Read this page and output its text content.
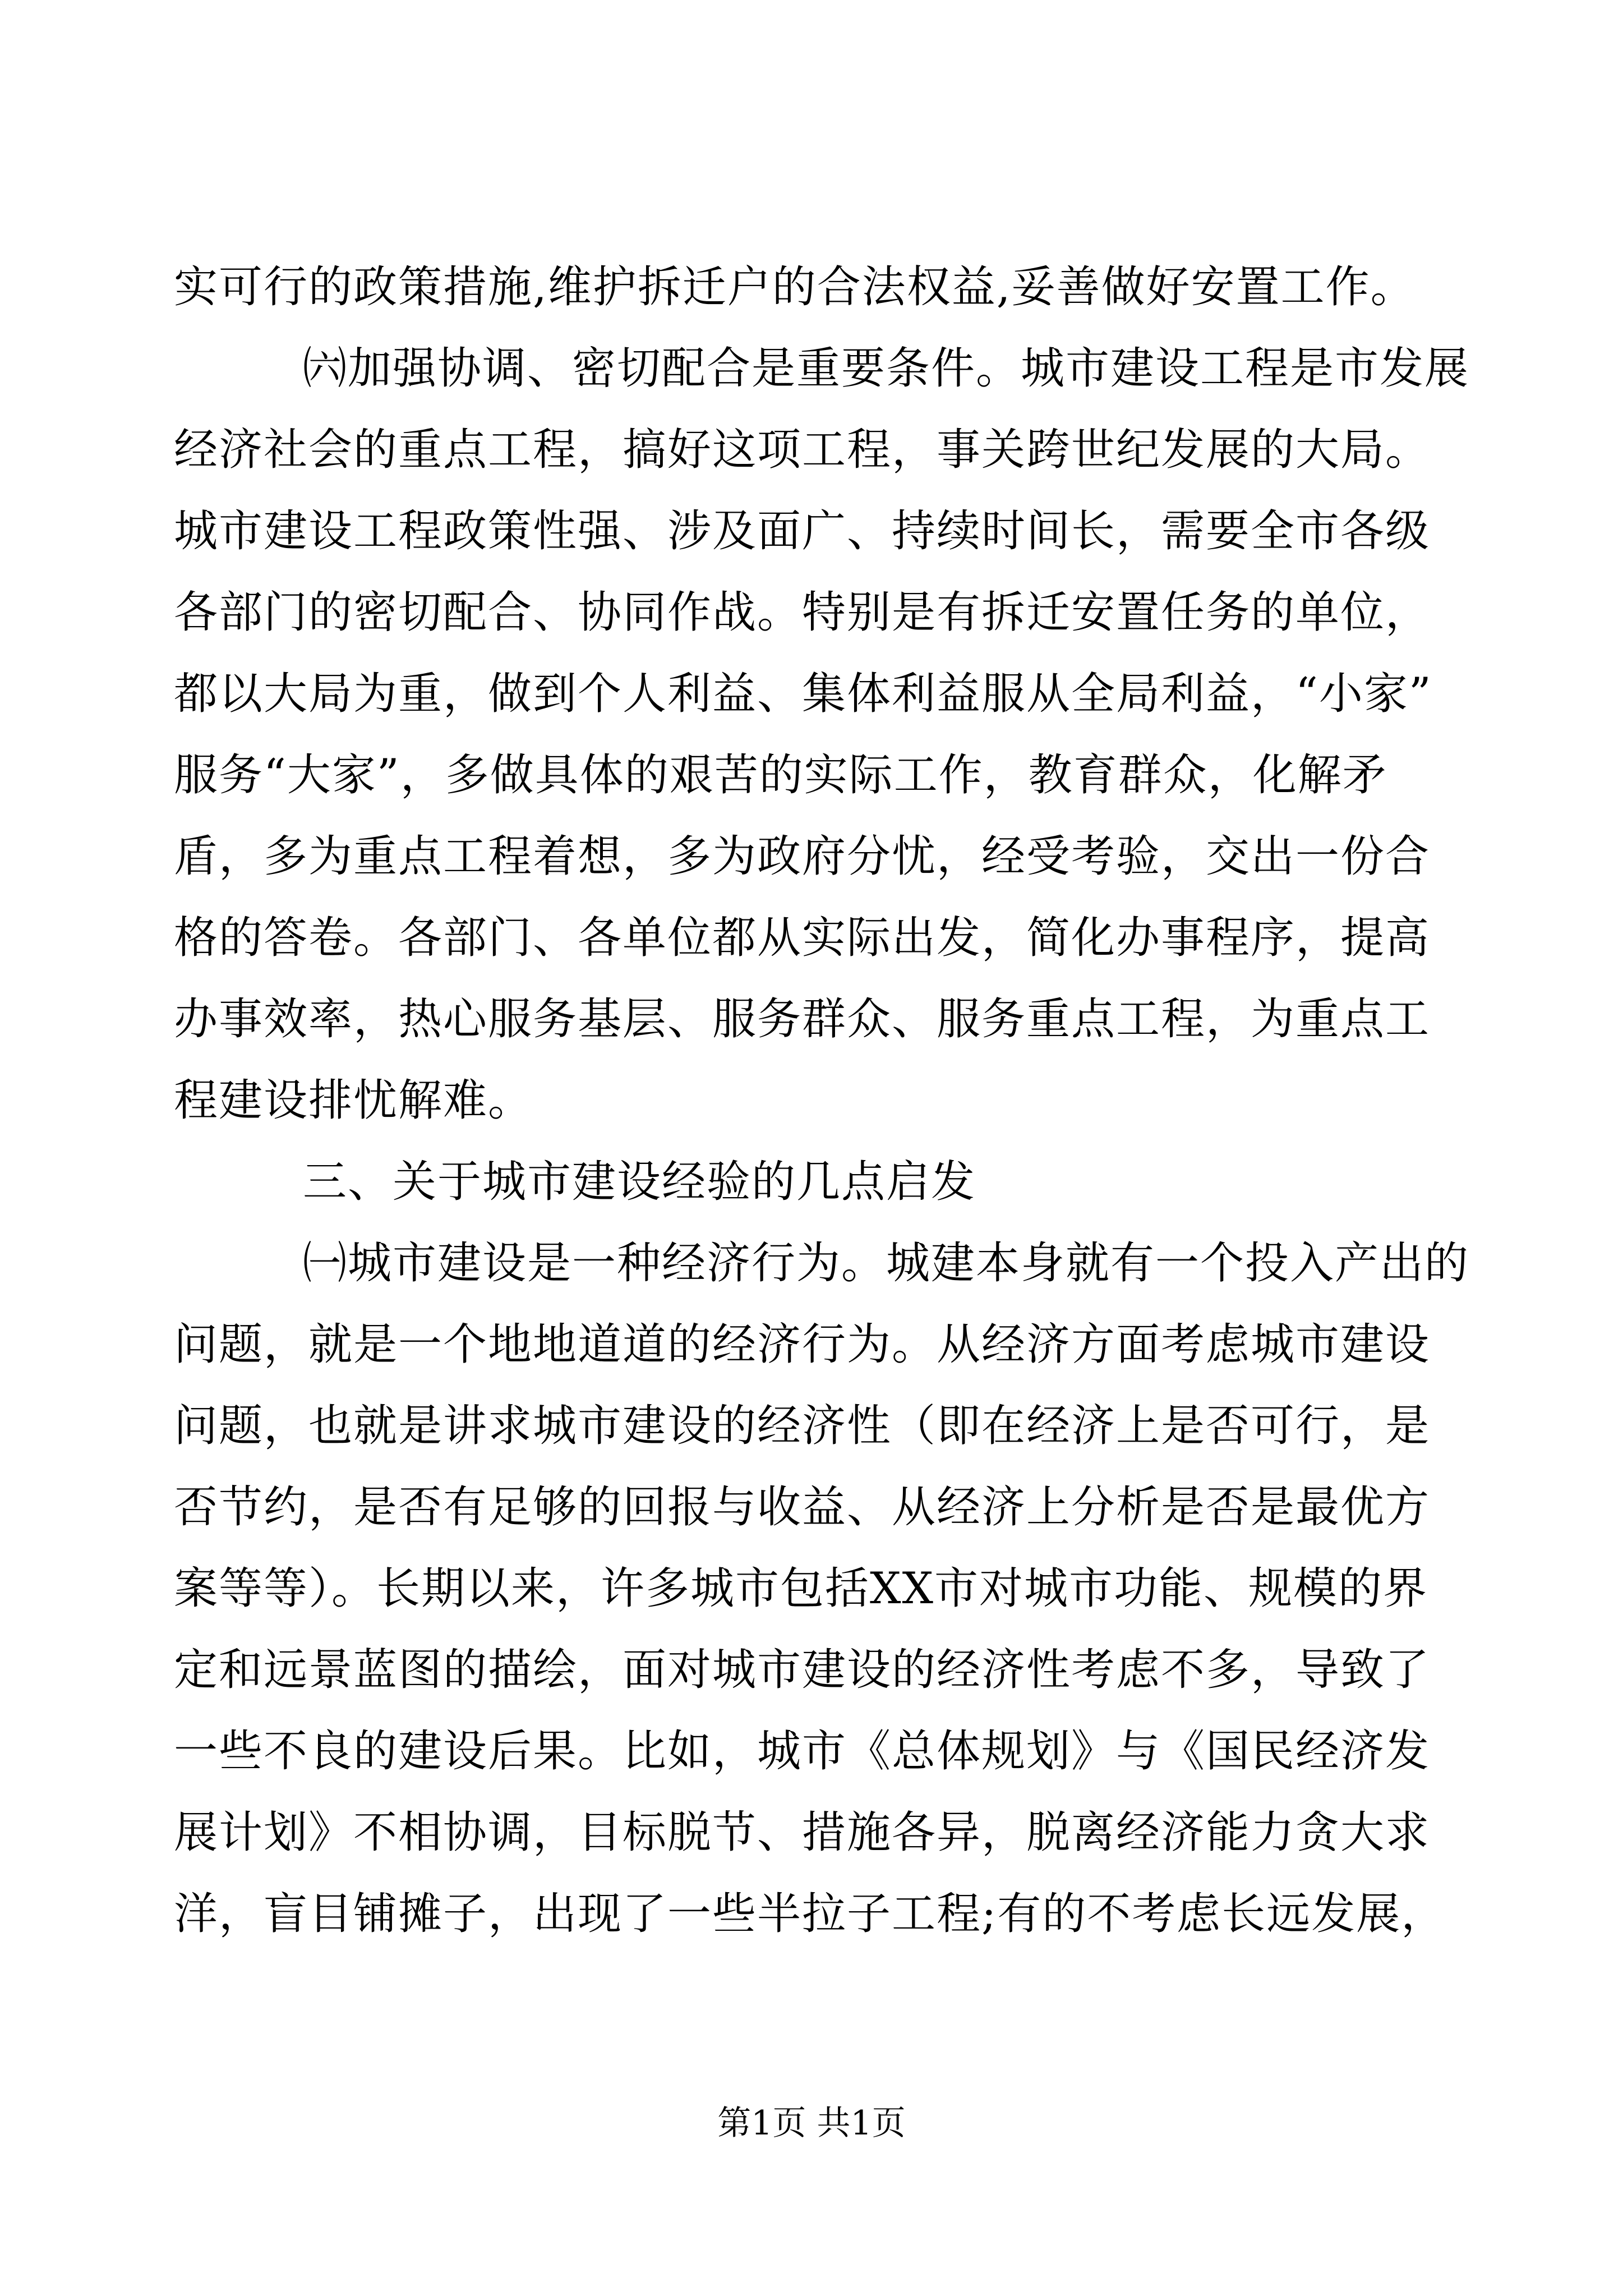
实可行的政策措施,维护拆迁户的合法权益,妥善做好安置工作。
㈥加强协调、密切配合是重要条件。城市建设工程是市发展
经济社会的重点工程，搞好这项工程，事关跨世纪发展的大局。
城市建设工程政策性强、涉及面广、持续时间长，需要全市各级
各部门的密切配合、协同作战。特别是有拆迁安置任务的单位，
都以大局为重，做到个人利益、集体利益服从全局利益，“小家”
服务“大家”，多做具体的艰苦的实际工作，教育群众，化解矛
盾，多为重点工程着想，多为政府分忧，经受考验，交出一份合
格的答卷。各部门、各单位都从实际出发，简化办事程序，提高
办事效率，热心服务基层、服务群众、服务重点工程，为重点工
程建设排忧解难。
三、关于城市建设经验的几点启发
㈠城市建设是一种经济行为。城建本身就有一个投入产出的
问题，就是一个地地道道的经济行为。从经济方面考虑城市建设
问题，也就是讲求城市建设的经济性（即在经济上是否可行，是
否节约，是否有足够的回报与收益、从经济上分析是否是最优方
案等等）。长期以来，许多城市包括XX市对城市功能、规模的界
定和远景蓝图的描绘，面对城市建设的经济性考虑不多，导致了
一些不良的建设后果。比如，城市《总体规划》与《国民经济发
展计划》不相协调，目标脱节、措施各异，脱离经济能力贪大求
洋，盲目铺摊子，出现了一些半拉子工程;有的不考虑长远发展，
第1页 共1页
